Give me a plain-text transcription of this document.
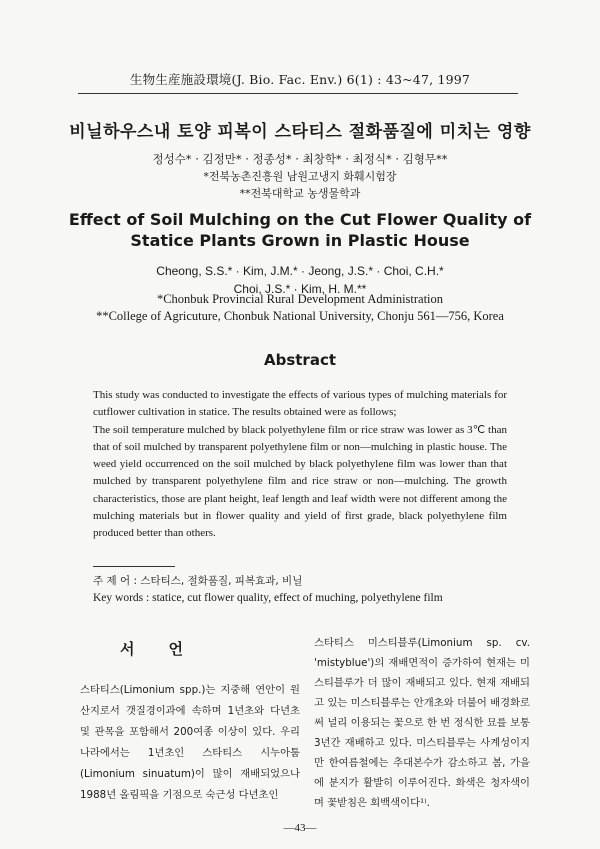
生物生産施設環境(J. Bio. Fac. Env.) 6(1) : 43~47, 1997
비닐하우스내 토양 피복이 스타티스 절화품질에 미치는 영향
정성수* · 김정만* · 정종성* · 최창학* · 최정식* · 김형무**
*전북농촌진흥원 남원고냉지 화훼시험장
**전북대학교 농생물학과
Effect of Soil Mulching on the Cut Flower Quality of
Statice Plants Grown in Plastic House
Cheong, S.S.* · Kim, J.M.* · Jeong, J.S.* · Choi, C.H.*
Choi, J.S.* · Kim, H. M.**
*Chonbuk Provincial Rural Development Administration
**College of Agricuture, Chonbuk National University, Chonju 561—756, Korea
Abstract

This study was conducted to investigate the effects of various types of mulching materials for cutflower cultivation in statice. The results obtained were as follows;

The soil temperature mulched by black polyethylene film or rice straw was lower as 3℃ than that of soil mulched by transparent polyethylene film or non—mulching in plastic house. The weed yield occurrenced on the soil mulched by black polyethylene film was lower than that mulched by transparent polyethylene film and rice straw or non—mulching. The growth characteristics, those are plant height, leaf length and leaf width were not different among the mulching materials but in flower quality and yield of first grade, black polyethylene film produced better than others.

주 제 어 : 스타티스, 절화품질, 피복효과, 비닐
Key words : statice, cut flower quality, effect of muching, polyethylene film
서언
스타티스(Limonium spp.)는 지중해 연안이 원산지로서 갯질경이과에 속하며 1년초와 다년초 및 관목을 포함해서 200여종 이상이 있다. 우리나라에서는 1년초인 스타티스 시누아툼 (Limonium sinuatum)이 많이 재배되었으나 1988년 올림픽을 기점으로 숙근성 다년초인
스타티스 미스티블루(Limonium sp. cv. 'mistyblue')의 재배면적이 증가하여 현재는 미스티블루가 더 많이 재배되고 있다. 현재 재배되고 있는 미스티블루는 안개초와 더불어 배경화로써 널리 이용되는 꽃으로 한 번 정식한 묘를 보통 3년간 재배하고 있다. 미스티블루는 사계성이지만 한여름철에는 추대본수가 감소하고 봄, 가을에 분지가 활발히 이루어진다. 화색은 청자색이며 꽃받침은 회백색이다¹⁾.
—43—
